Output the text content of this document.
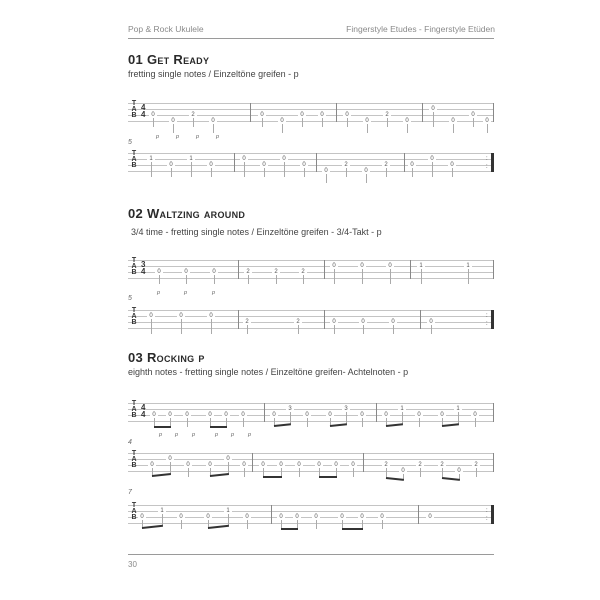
Pop & Rock Ukulele	Fingerstyle Etudes - Fingerstyle Etüden
01 Get Ready
fretting single notes / Einzeltöne greifen - p
T
A
B
4
4 0
0
2
0
0
0
0	0	0
0
2
0
0
0
0
0
p	p	p	p
5
T
A
B
:
:
1
0
1
0
0
0
0
0
0
2
0
2	0
0
0
02 Waltzing around
3/4 time - fretting single notes / Einzeltöne greifen - 3/4-Takt - p
T
A
B
3
4	0	0	0	2	2	2
0	0	0	1	1
p	p	p
5
T
A
B
:
:
0	0	0
2	2	0	0	0	0
03 Rocking p
eighth notes - fretting single notes / Einzeltöne greifen- Achtelnoten - p
T
A
B
4
4	0	0	0	0	0	0	0
3
0	0
3
0	0
1
0	0
1
0
p p	p	p p	p
4
T
A
B	0
0
0	0
0
0	0	0	0	0	0	0	2
0
2	2
0
2
7
T
A
B
:
:
0
1
0	0
1
0	0	0	0	0	0	0	0
30
